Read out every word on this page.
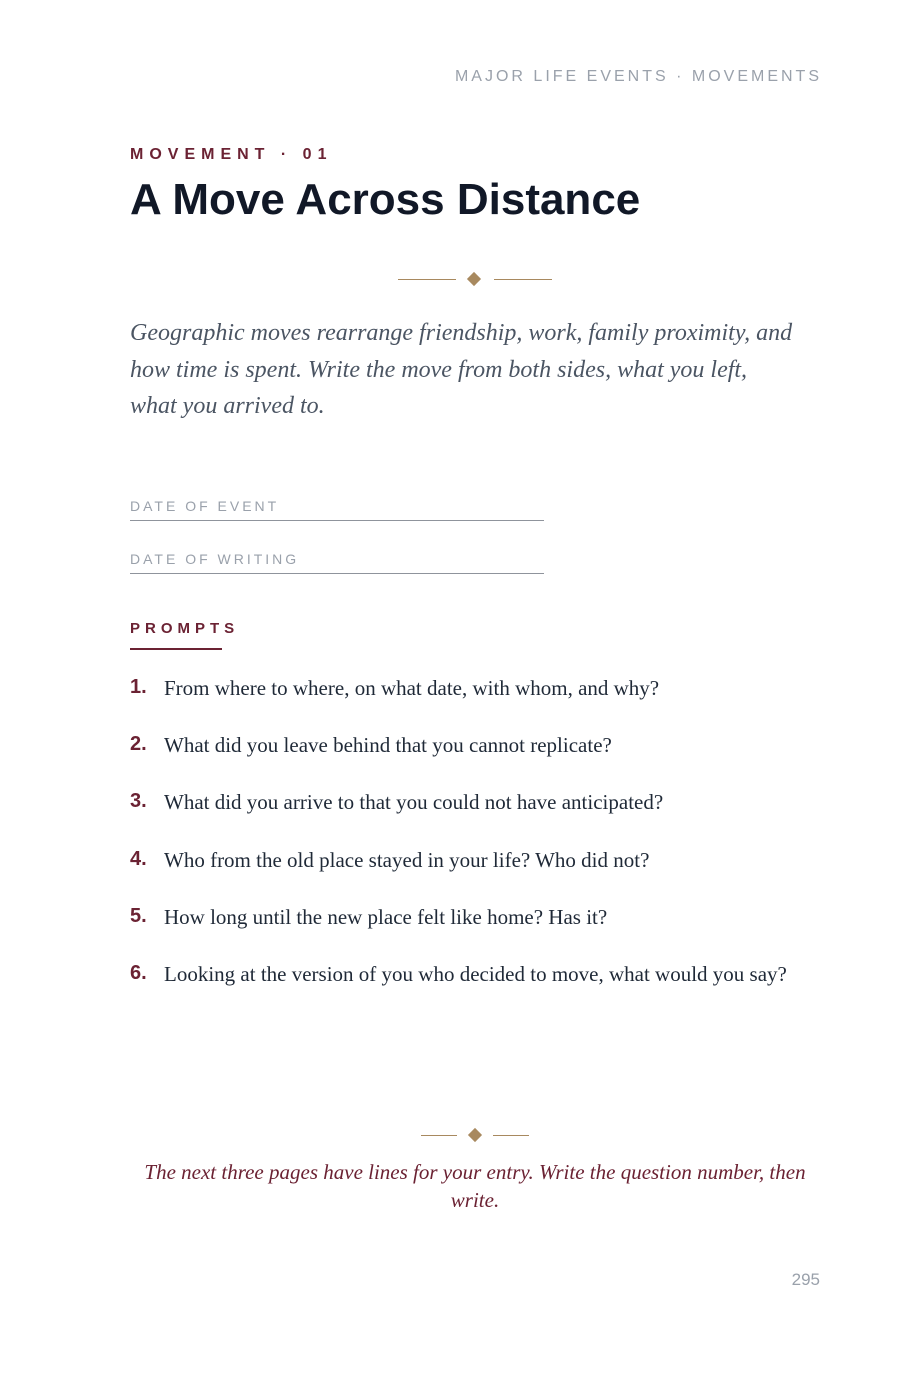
MAJOR LIFE EVENTS · MOVEMENTS
MOVEMENT · 01
A Move Across Distance

Geographic moves rearrange friendship, work, family proximity, and how time is spent. Write the move from both sides, what you left, what you arrived to.

DATE OF EVENT
DATE OF WRITING
PROMPTS
1. From where to where, on what date, with whom, and why?
2. What did you leave behind that you cannot replicate?
3. What did you arrive to that you could not have anticipated?
4. Who from the old place stayed in your life? Who did not?
5. How long until the new place felt like home? Has it?
6. Looking at the version of you who decided to move, what would you say?

The next three pages have lines for your entry. Write the question number, then write.

295
